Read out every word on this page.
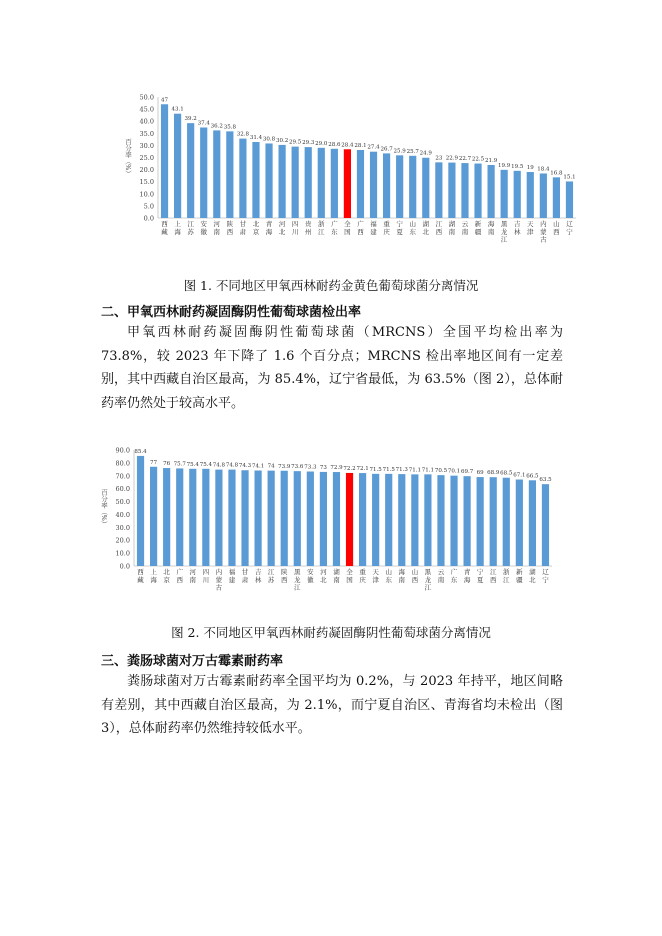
0.0
5.0
10.0
15.0
20.0
25.0
30.0
35.0
40.0
45.0
50.0
百分率（%）
47
西藏
43.1
上海
39.2
江苏
37.4
安徽
36.2
河南
35.8
陕西
32.8
甘肃
31.4
北京
30.8
青海
30.2
河北
29.5
四川
29.3
贵州
29.0
浙江
28.6
广东
28.4
全国
28.1
广西
27.4
福建
26.7
重庆
25.9
宁夏
25.7
山东
24.9
湖北
23
江西
22.9
湖南
22.7
云南
22.5
新疆
21.9
海南
19.9
黑龙江
19.5
吉林
19
天津
18.4
内蒙古
16.8
山西
15.1
辽宁
图 1. 不同地区甲氧西林耐药金黄色葡萄球菌分离情况
二、甲氧西林耐药凝固酶阴性葡萄球菌检出率

甲氧西林耐药凝固酶阴性葡萄球菌（MRCNS）全国平均检出率为 73.8%，较 2023 年下降了 1.6 个百分点；MRCNS 检出率地区间有一定差别，其中西藏自治区最高，为 85.4%，辽宁省最低，为 63.5%（图 2），总体耐药率仍然处于较高水平。

0.0
10.0
20.0
30.0
40.0
50.0
60.0
70.0
80.0
90.0
百分率（%）
85.4
西藏
77
上海
76
北京
75.7
广西
75.4
河南
75.4
四川
74.8
内蒙古
74.8
福建
74.3
甘肃
74.1
吉林
74
江苏
73.9
陕西
73.6
黑龙江
73.3
安徽
73
河北
72.9
湖南
72.2
全国
72.1
重庆
71.5
天津
71.5
山东
71.3
海南
71.1
山西
71.1
黑龙江
70.5
云南
70.1
广东
69.7
青海
69
宁夏
68.9
江西
68.5
浙江
67.1
新疆
66.5
湖北
63.5
辽宁
图 2. 不同地区甲氧西林耐药凝固酶阴性葡萄球菌分离情况
三、粪肠球菌对万古霉素耐药率

粪肠球菌对万古霉素耐药率全国平均为 0.2%，与 2023 年持平，地区间略有差别，其中西藏自治区最高，为 2.1%，而宁夏自治区、青海省均未检出（图 3），总体耐药率仍然维持较低水平。
